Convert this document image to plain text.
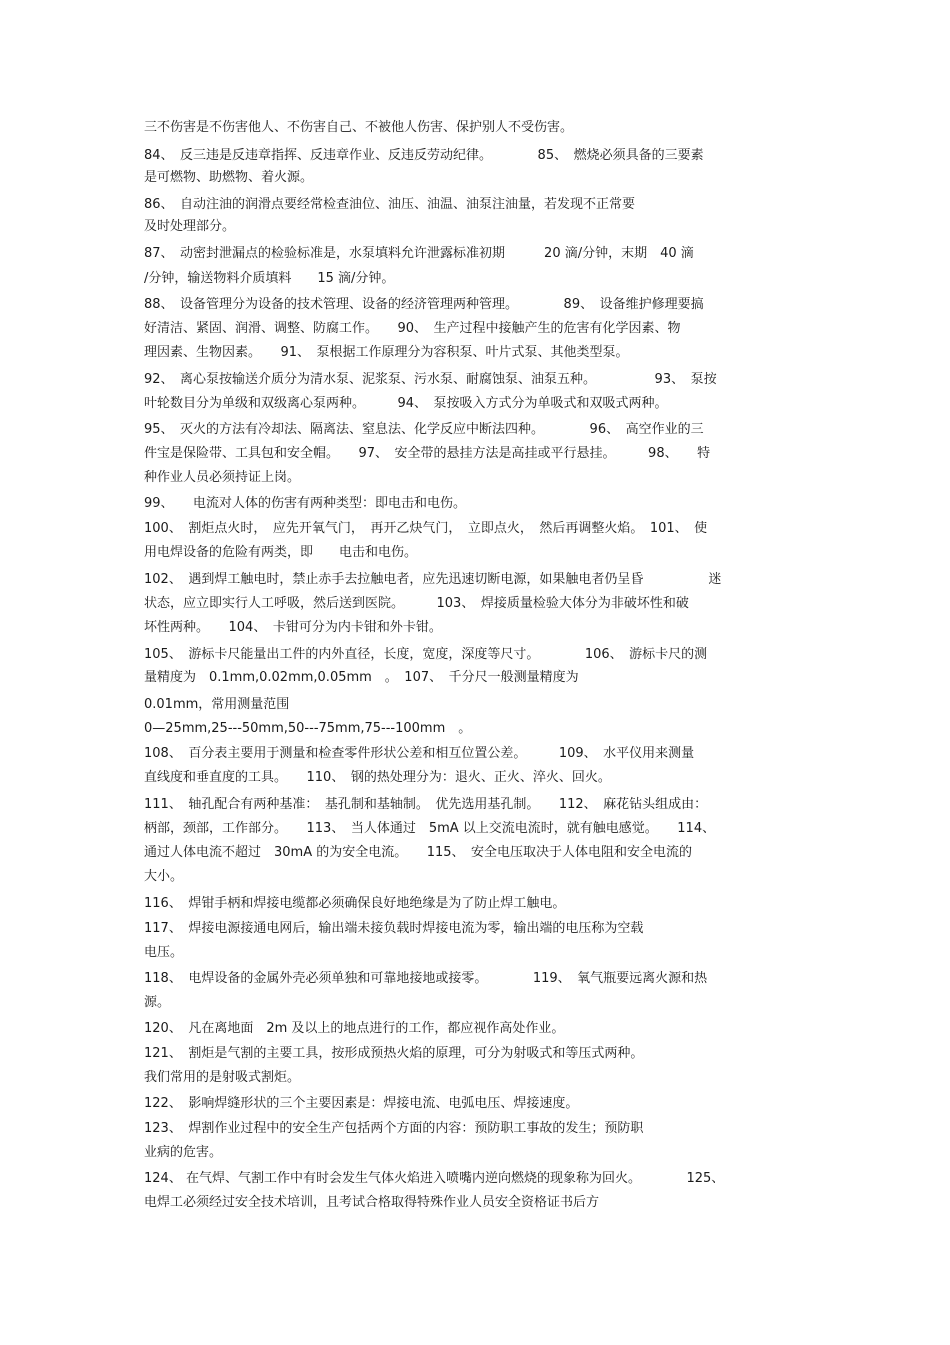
三不伤害是不伤害他人、不伤害自己、不被他人伤害、保护别人不受伤害。
84、　反三违是反违章指挥、反违章作业、反违反劳动纪律。　　　　85、　燃烧必须具备的三要素
是可燃物、助燃物、着火源。
86、　自动注油的润滑点要经常检查油位、油压、油温、油泵注油量，若发现不正常要
及时处理部分。
87、　动密封泄漏点的检验标准是，水泵填料允许泄露标准初期　　　20 滴/分钟，末期　40 滴
/分钟，输送物料介质填料　　15 滴/分钟。
88、　设备管理分为设备的技术管理、设备的经济管理两种管理。　　　　89、　设备维护修理要搞
好清洁、紧固、润滑、调整、防腐工作。　　90、　生产过程中接触产生的危害有化学因素、物
理因素、生物因素。　　91、　泵根据工作原理分为容积泵、叶片式泵、其他类型泵。
92、　离心泵按输送介质分为清水泵、泥浆泵、污水泵、耐腐蚀泵、油泵五种。　　　　　93、　泵按
叶轮数目分为单级和双级离心泵两种。　　　94、　泵按吸入方式分为单吸式和双吸式两种。
95、　灭火的方法有冷却法、隔离法、窒息法、化学反应中断法四种。　　　　96、　高空作业的三
件宝是保险带、工具包和安全帽。　　97、　安全带的悬挂方法是高挂或平行悬挂。　　　98、　　特
种作业人员必须持证上岗。
99、　　电流对人体的伤害有两种类型：即电击和电伤。
100、　割炬点火时，　应先开氧气门，　再开乙炔气门，　立即点火，　然后再调整火焰。　101、　使
用电焊设备的危险有两类，即　　电击和电伤。
102、　遇到焊工触电时，禁止赤手去拉触电者，应先迅速切断电源，如果触电者仍呈昏　　　　　迷
状态，应立即实行人工呼吸，然后送到医院。　　　103、　焊接质量检验大体分为非破坏性和破
坏性两种。　　104、　卡钳可分为内卡钳和外卡钳。
105、　游标卡尺能量出工件的内外直径，长度，宽度，深度等尺寸。　　　　106、　游标卡尺的测
量精度为　0.1mm,0.02mm,0.05mm　。　107、　千分尺一般测量精度为
0.01mm，常用测量范围
0—25mm,25---50mm,50---75mm,75---100mm　。
108、　百分表主要用于测量和检查零件形状公差和相互位置公差。　　　109、　水平仪用来测量
直线度和垂直度的工具。　　110、　钢的热处理分为：退火、正火、淬火、回火。
111、　轴孔配合有两种基准：　基孔制和基轴制。　优先选用基孔制。　　112、　麻花钻头组成由：
柄部，颈部，工作部分。　　113、　当人体通过　5mA 以上交流电流时，就有触电感觉。　　114、
通过人体电流不超过　30mA 的为安全电流。　　115、　安全电压取决于人体电阻和安全电流的
大小。
116、　焊钳手柄和焊接电缆都必须确保良好地绝缘是为了防止焊工触电。
117、　焊接电源接通电网后，输出端未接负载时焊接电流为零，输出端的电压称为空载
电压。
118、　电焊设备的金属外壳必须单独和可靠地接地或接零。　　　　119、　氧气瓶要远离火源和热
源。
120、　凡在离地面　2m 及以上的地点进行的工作，都应视作高处作业。
121、　割炬是气割的主要工具，按形成预热火焰的原理，可分为射吸式和等压式两种。
我们常用的是射吸式割炬。
122、　影响焊缝形状的三个主要因素是：焊接电流、电弧电压、焊接速度。
123、　焊割作业过程中的安全生产包括两个方面的内容：预防职工事故的发生；预防职
业病的危害。
124、 在气焊、气割工作中有时会发生气体火焰进入喷嘴内逆向燃烧的现象称为回火。　　　　125、
电焊工必须经过安全技术培训，且考试合格取得特殊作业人员安全资格证书后方
